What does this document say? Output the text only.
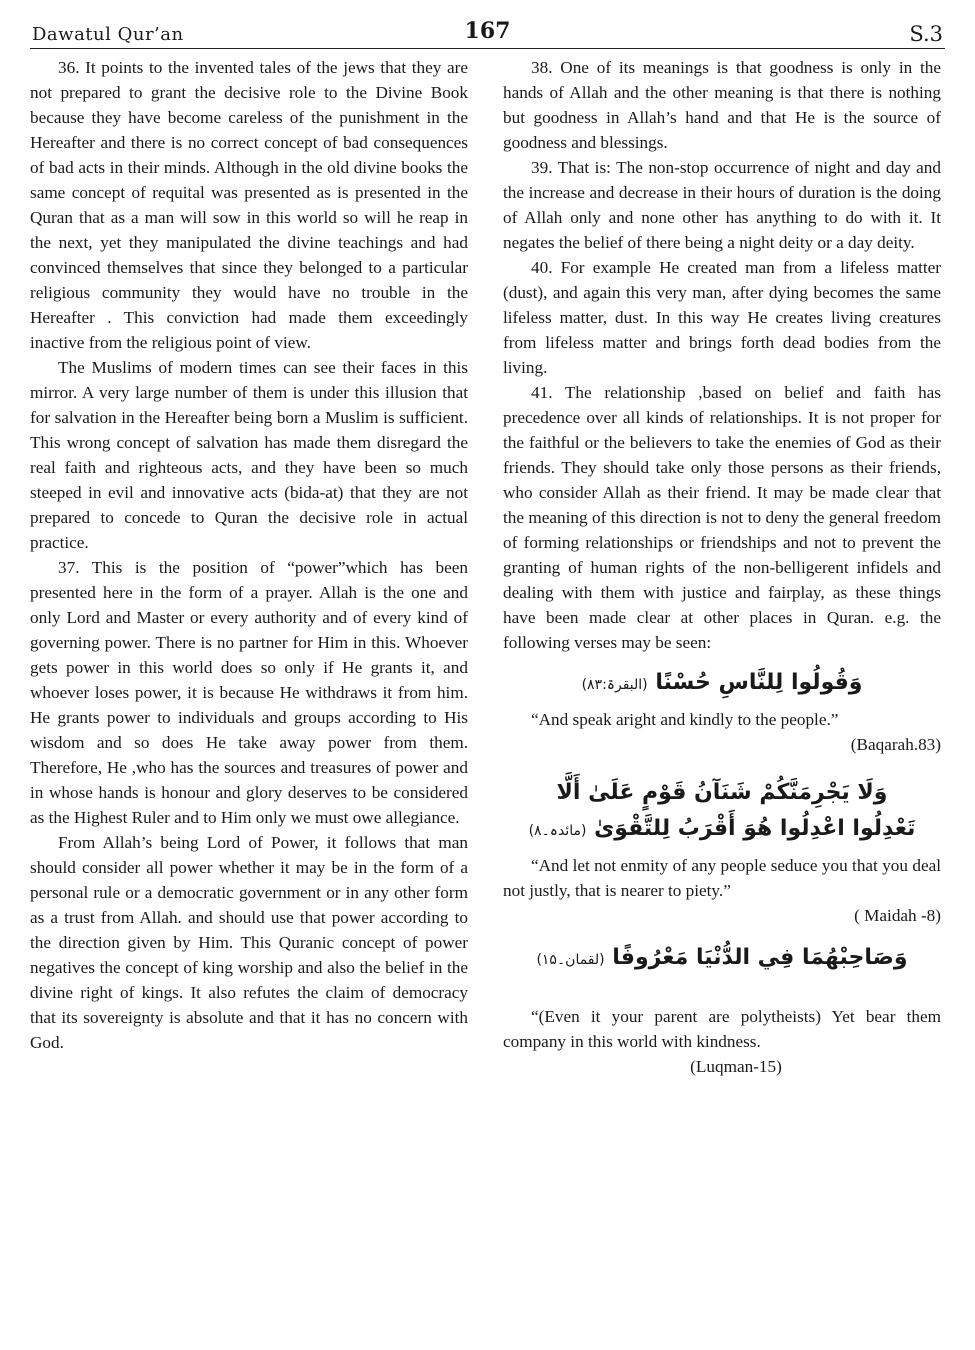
Dawatul Qur’an	167	S.3

36. It points to the invented tales of the jews that they are not prepared to grant the decisive role to the Divine Book because they have become careless of the punishment in the Hereafter and there is no correct concept of bad consequences of bad acts in their minds. Although in the old divine books the same concept of requital was presented as is presented in the Quran that as a man will sow in this world so will he reap in the next, yet they manipulated the divine teachings and had convinced themselves that since they belonged to a particular religious community they would have no trouble in the Hereafter . This conviction had made them exceedingly inactive from the religious point of view.

The Muslims of modern times can see their faces in this mirror. A very large number of them is under this illusion that for salvation in the Hereafter being born a Muslim is sufficient. This wrong concept of salvation has made them disregard the real faith and righteous acts, and they have been so much steeped in evil and innovative acts (bida-at) that they are not prepared to concede to Quran the decisive role in actual practice.

37. This is the position of “power”which has been presented here in the form of a prayer. Allah is the one and only Lord and Master or every authority and of every kind of governing power. There is no partner for Him in this. Whoever gets power in this world does so only if He grants it, and whoever loses power, it is because He withdraws it from him. He grants power to individuals and groups according to His wisdom and so does He take away power from them. Therefore, He ,who has the sources and treasures of power and in whose hands is honour and glory deserves to be considered as the Highest Ruler and to Him only we must owe allegiance.

From Allah’s being Lord of Power, it follows that man should consider all power whether it may be in the form of a personal rule or a democratic government or in any other form as a trust from Allah. and should use that power according to the direction given by Him. This Quranic concept of power negatives the concept of king worship and also the belief in the divine right of kings. It also refutes the claim of democracy that its sovereignty is absolute and that it has no concern with God.

38. One of its meanings is that goodness is only in the hands of Allah and the other meaning is that there is nothing but goodness in Allah’s hand and that He is the source of goodness and blessings.

39. That is: The non-stop occurrence of night and day and the increase and decrease in their hours of duration is the doing of Allah only and none other has anything to do with it. It negates the belief of there being a night deity or a day deity.

40. For example He created man from a lifeless matter (dust), and again this very man, after dying becomes the same lifeless matter, dust. In this way He creates living creatures from lifeless matter and brings forth dead bodies from the living.

41. The relationship ,based on belief and faith has precedence over all kinds of relationships. It is not proper for the faithful or the believers to take the enemies of God as their friends. They should take only those persons as their friends, who consider Allah as their friend. It may be made clear that the meaning of this direction is not to deny the general freedom of forming relationships or friendships and not to prevent the granting of human rights of the non-belligerent infidels and dealing with them with justice and fairplay, as these things have been made clear at other places in Quran. e.g. the following verses may be seen:

وَقُولُوا لِلنَّاسِ حُسْنًا (البقرۃ:۸۳)

“And speak aright and kindly to the people.”

(Baqarah.83)

وَلَا يَجْرِمَنَّكُمْ شَنَآنُ قَوْمٍ عَلَىٰ أَلَّا
تَعْدِلُوا اعْدِلُوا هُوَ أَقْرَبُ لِلتَّقْوَىٰ (مائدہ۔۸)

“And let not enmity of any people seduce you that you deal not justly, that is nearer to piety.”

( Maidah -8)

وَصَاحِبْهُمَا فِي الدُّنْيَا مَعْرُوفًا (لقمان۔۱۵)

“(Even it your parent are polytheists) Yet bear them company in this world with kindness.

(Luqman-15)
